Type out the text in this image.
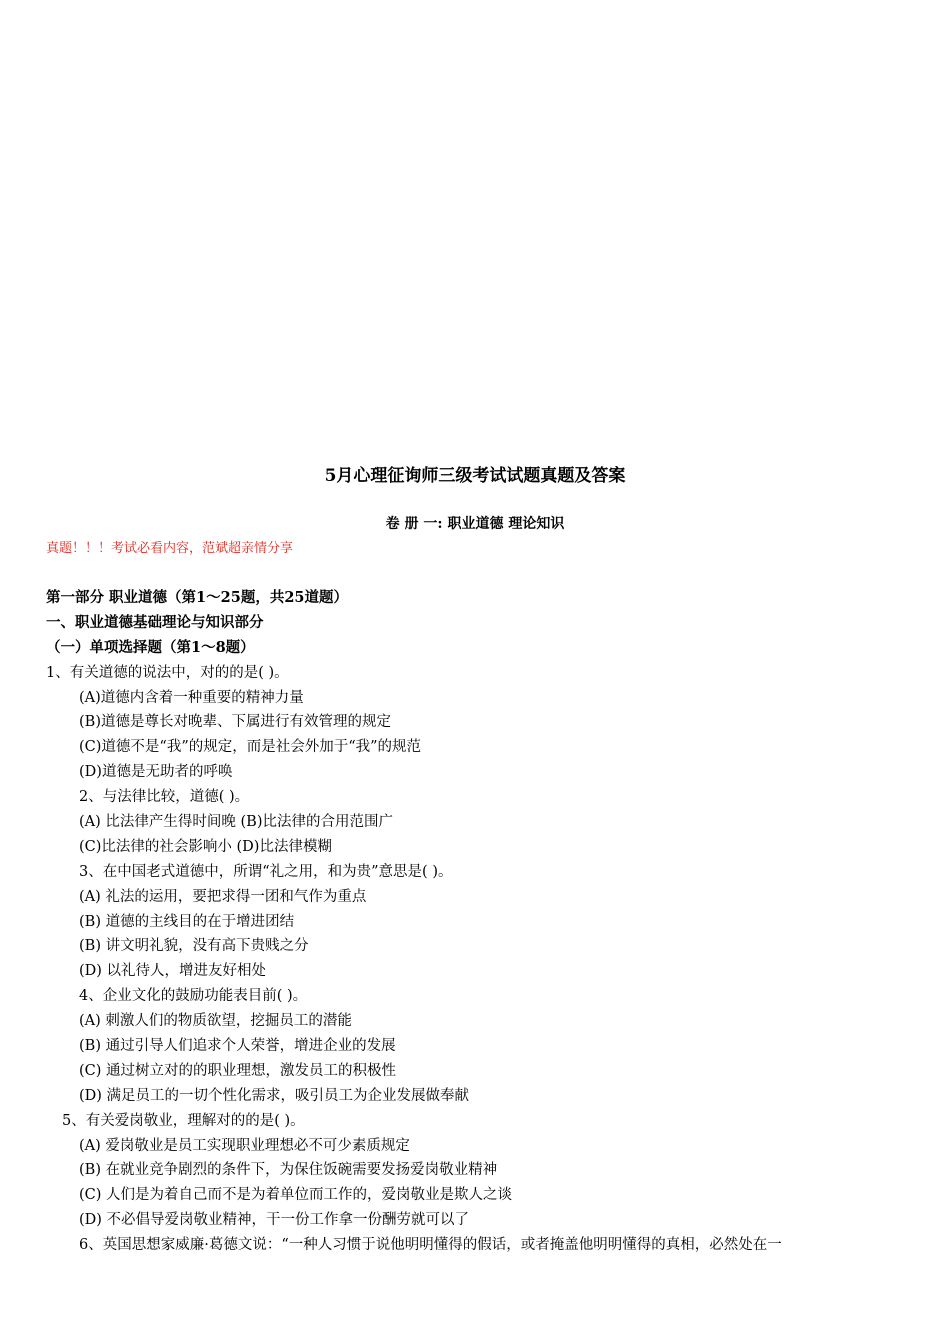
5月心理征询师三级考试试题真题及答案
卷 册 一: 职业道德 理论知识
真题！！！考试必看内容，范斌超亲情分享
第一部分 职业道德（第1～25题，共25道题）
一、职业道德基础理论与知识部分
（一）单项选择题（第1～8题）
1、有关道德的说法中，对的的是( )。
(A)道德内含着一种重要的精神力量
(B)道德是尊长对晚辈、下属进行有效管理的规定
(C)道德不是“我”的规定，而是社会外加于“我”的规范
(D)道德是无助者的呼唤
2、与法律比较，道德( )。
(A) 比法律产生得时间晚 (B)比法律的合用范围广
(C)比法律的社会影响小 (D)比法律模糊
3、在中国老式道德中，所谓“礼之用，和为贵”意思是( )。
(A) 礼法的运用，要把求得一团和气作为重点
(B) 道德的主线目的在于增进团结
(B) 讲文明礼貌，没有高下贵贱之分
(D) 以礼待人，增进友好相处
4、企业文化的鼓励功能表目前( )。
(A) 刺激人们的物质欲望，挖掘员工的潜能
(B) 通过引导人们追求个人荣誉，增进企业的发展
(C) 通过树立对的的职业理想，激发员工的积极性
(D) 满足员工的一切个性化需求，吸引员工为企业发展做奉献
5、有关爱岗敬业，理解对的的是( )。
(A) 爱岗敬业是员工实现职业理想必不可少素质规定
(B) 在就业竞争剧烈的条件下，为保住饭碗需要发扬爱岗敬业精神
(C) 人们是为着自己而不是为着单位而工作的，爱岗敬业是欺人之谈
(D) 不必倡导爱岗敬业精神，干一份工作拿一份酬劳就可以了
6、英国思想家威廉·葛德文说：“一种人习惯于说他明明懂得的假话，或者掩盖他明明懂得的真相，必然处在一
